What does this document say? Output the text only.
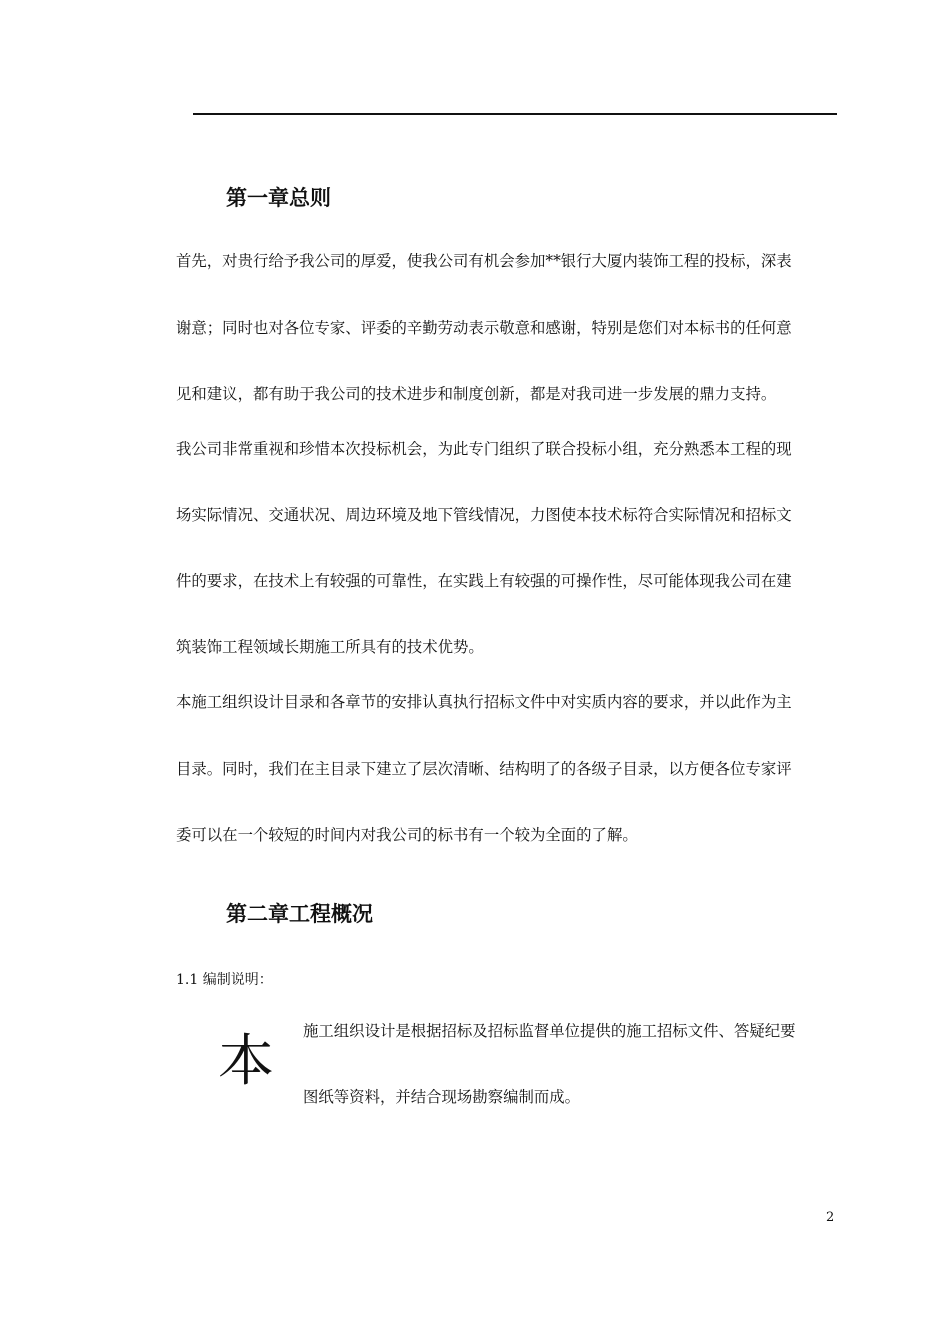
第一章总则
首先，对贵行给予我公司的厚爱，使我公司有机会参加**银行大厦内装饰工程的投标，深表
谢意；同时也对各位专家、评委的辛勤劳动表示敬意和感谢，特别是您们对本标书的任何意
见和建议，都有助于我公司的技术进步和制度创新，都是对我司进一步发展的鼎力支持。
我公司非常重视和珍惜本次投标机会，为此专门组织了联合投标小组，充分熟悉本工程的现
场实际情况、交通状况、周边环境及地下管线情况，力图使本技术标符合实际情况和招标文
件的要求，在技术上有较强的可靠性，在实践上有较强的可操作性，尽可能体现我公司在建
筑装饰工程领域长期施工所具有的技术优势。
本施工组织设计目录和各章节的安排认真执行招标文件中对实质内容的要求，并以此作为主
目录。同时，我们在主目录下建立了层次清晰、结构明了的各级子目录，以方便各位专家评
委可以在一个较短的时间内对我公司的标书有一个较为全面的了解。
第二章工程概况
1.1 编制说明：
本 施工组织设计是根据招标及招标监督单位提供的施工招标文件、答疑纪要
图纸等资料，并结合现场勘察编制而成。
2
